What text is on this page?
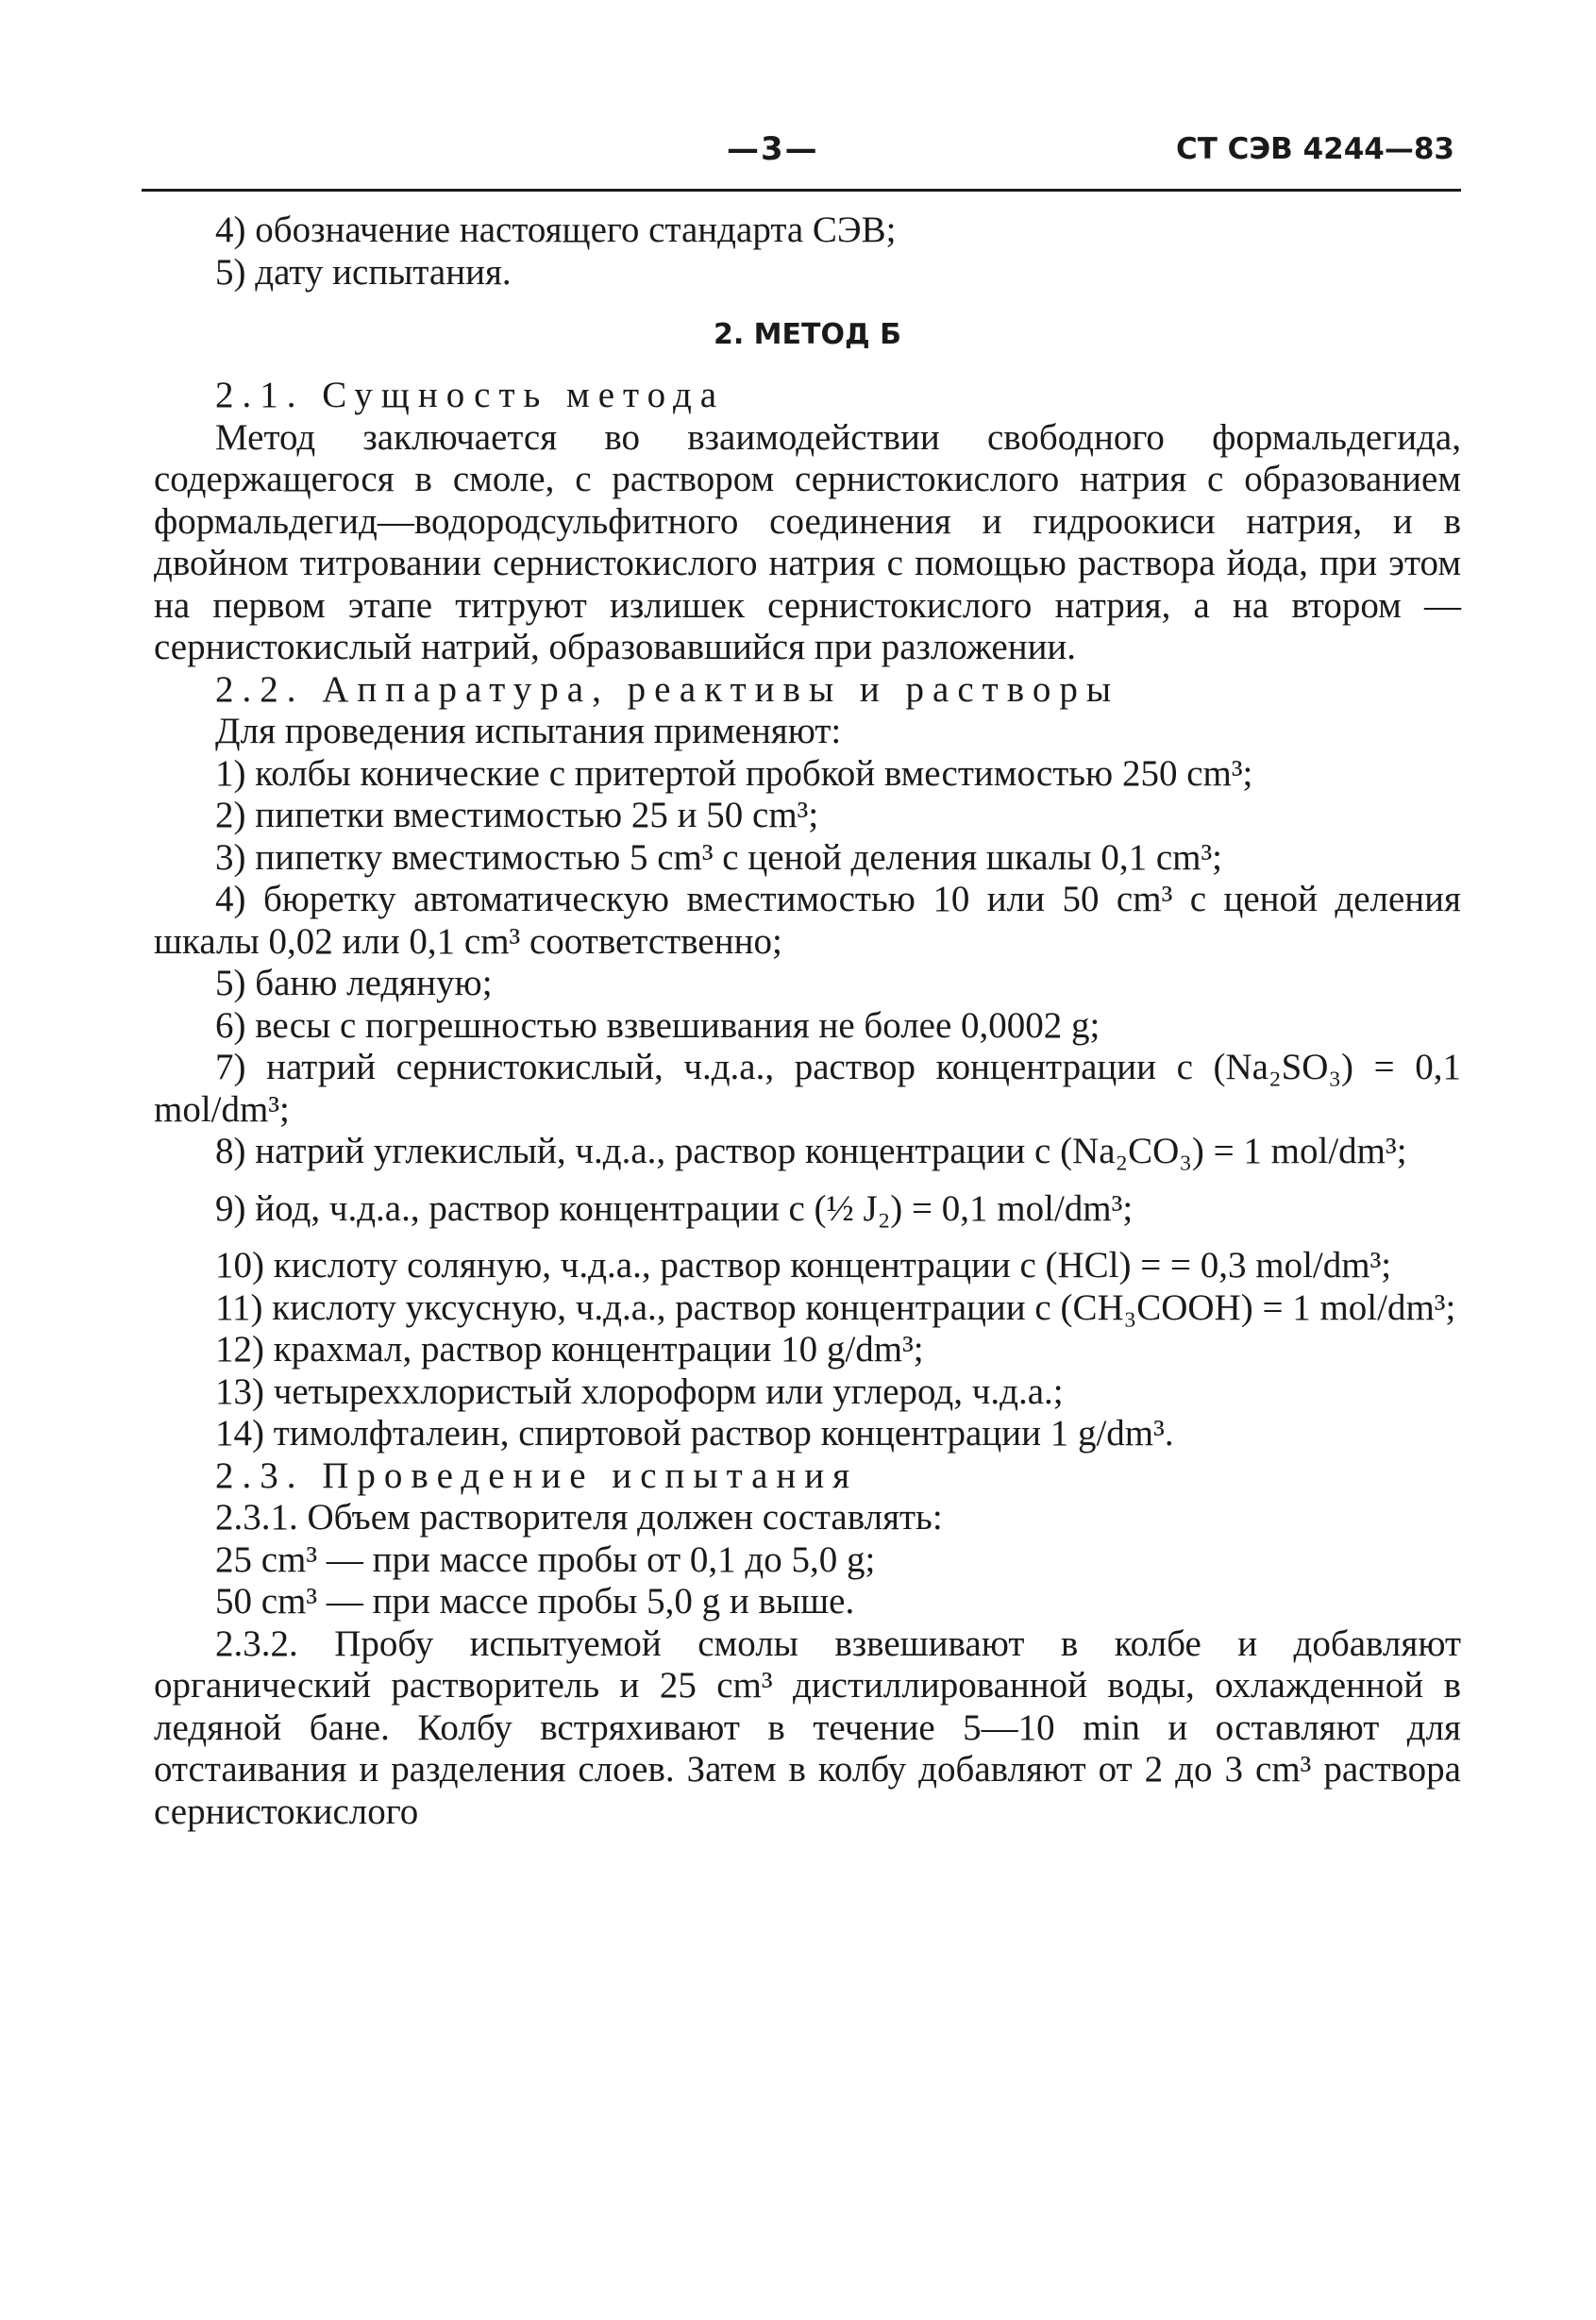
—3—	СТ СЭВ 4244—83
4) обозначение настоящего стандарта СЭВ;
5) дату испытания.
2. МЕТОД Б
2.1. Сущность метода
Метод заключается во взаимодействии свободного формальдегида, содержащегося в смоле, с раствором сернистокислого натрия с образованием формальдегид—водородсульфитного соединения и гидроокиси натрия, и в двойном титровании сернистокислого натрия с помощью раствора йода, при этом на первом этапе титруют излишек сернистокислого натрия, а на втором — сернистокислый натрий, образовавшийся при разложении.
2.2. Аппаратура, реактивы и растворы
Для проведения испытания применяют:
1) колбы конические с притертой пробкой вместимостью 250 cm³;
2) пипетки вместимостью 25 и 50 cm³;
3) пипетку вместимостью 5 cm³ с ценой деления шкалы 0,1 cm³;
4) бюретку автоматическую вместимостью 10 или 50 cm³ с ценой деления шкалы 0,02 или 0,1 cm³ соответственно;
5) баню ледяную;
6) весы с погрешностью взвешивания не более 0,0002 g;
7) натрий сернистокислый, ч.д.а., раствор концентрации c (Na₂SO₃) = 0,1 mol/dm³;
8) натрий углекислый, ч.д.а., раствор концентрации c (Na₂CO₃) = 1 mol/dm³;
9) йод, ч.д.а., раствор концентрации c (½ J₂) = 0,1 mol/dm³;
10) кислоту соляную, ч.д.а., раствор концентрации c (HCl) = = 0,3 mol/dm³;
11) кислоту уксусную, ч.д.а., раствор концентрации c (CH₃COOH) = 1 mol/dm³;
12) крахмал, раствор концентрации 10 g/dm³;
13) четыреххлористый хлороформ или углерод, ч.д.а.;
14) тимолфталеин, спиртовой раствор концентрации 1 g/dm³.
2.3. Проведение испытания
2.3.1. Объем растворителя должен составлять:
25 cm³ — при массе пробы от 0,1 до 5,0 g;
50 cm³ — при массе пробы 5,0 g и выше.
2.3.2. Пробу испытуемой смолы взвешивают в колбе и добавляют органический растворитель и 25 cm³ дистиллированной воды, охлажденной в ледяной бане. Колбу встряхивают в течение 5—10 min и оставляют для отстаивания и разделения слоев. Затем в колбу добавляют от 2 до 3 cm³ раствора сернистокислого
